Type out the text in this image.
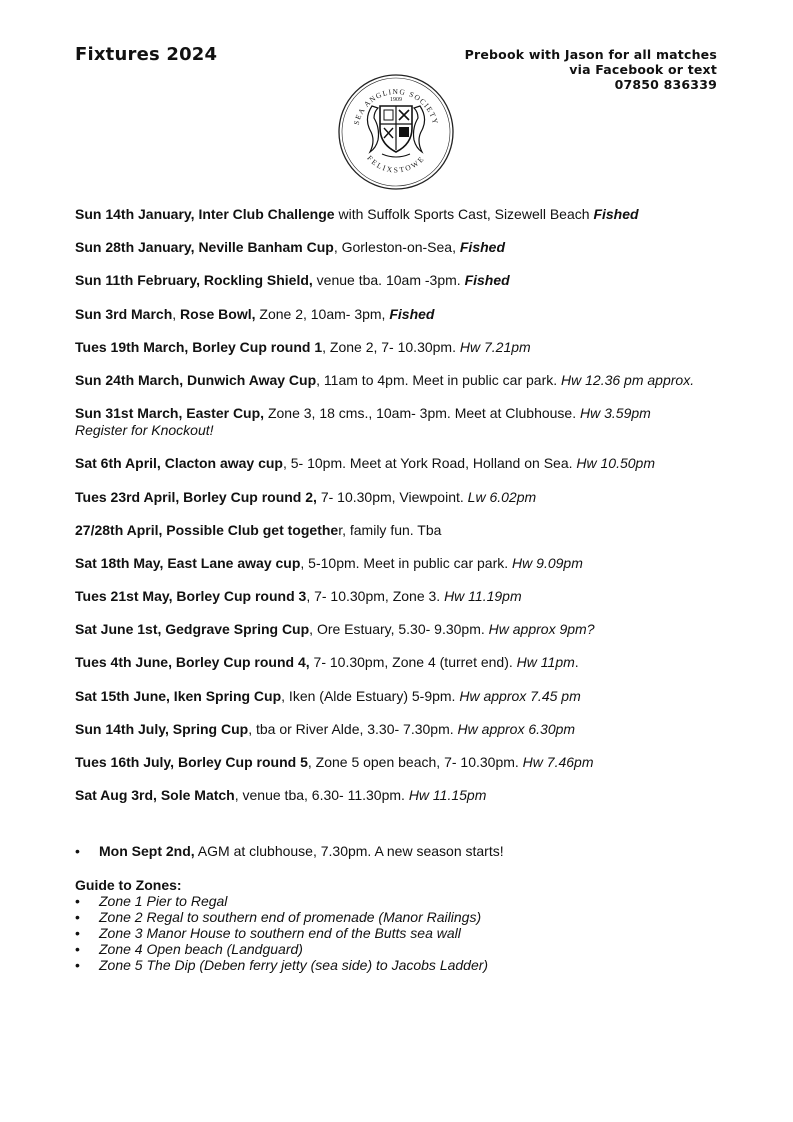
Fixtures 2024	Prebook with Jason for all matches
via Facebook or text
07850 836339
SEA ANGLING SOCIETY
FELIXSTOWE
1909
Sun 14th January, Inter Club Challenge with Suffolk Sports Cast, Sizewell Beach Fished
Sun 28th January, Neville Banham Cup, Gorleston-on-Sea, Fished
Sun 11th February, Rockling Shield, venue tba. 10am -3pm. Fished
Sun 3rd March, Rose Bowl, Zone 2, 10am- 3pm, Fished
Tues 19th March, Borley Cup round 1, Zone 2, 7- 10.30pm. Hw 7.21pm
Sun 24th March, Dunwich Away Cup, 11am to 4pm. Meet in public car park. Hw 12.36 pm approx.
Sun 31st March, Easter Cup, Zone 3, 18 cms., 10am- 3pm. Meet at Clubhouse. Hw 3.59pm
Register for Knockout!
Sat 6th April, Clacton away cup, 5- 10pm. Meet at York Road, Holland on Sea. Hw 10.50pm
Tues 23rd April, Borley Cup round 2, 7- 10.30pm, Viewpoint. Lw 6.02pm
27/28th April, Possible Club get together, family fun. Tba
Sat 18th May, East Lane away cup, 5-10pm. Meet in public car park. Hw 9.09pm
Tues 21st May, Borley Cup round 3, 7- 10.30pm, Zone 3. Hw 11.19pm
Sat June 1st, Gedgrave Spring Cup, Ore Estuary, 5.30- 9.30pm. Hw approx 9pm?
Tues 4th June, Borley Cup round 4, 7- 10.30pm, Zone 4 (turret end). Hw 11pm.
Sat 15th June, Iken Spring Cup, Iken (Alde Estuary) 5-9pm. Hw approx 7.45 pm
Sun 14th July, Spring Cup, tba or River Alde, 3.30- 7.30pm. Hw approx 6.30pm
Tues 16th July, Borley Cup round 5, Zone 5 open beach, 7- 10.30pm. Hw 7.46pm
Sat Aug 3rd, Sole Match, venue tba, 6.30- 11.30pm. Hw 11.15pm
•	Mon Sept 2nd, AGM at clubhouse, 7.30pm. A new season starts!
Guide to Zones:
• Zone 1 Pier to Regal
• Zone 2 Regal to southern end of promenade (Manor Railings)
• Zone 3 Manor House to southern end of the Butts sea wall
• Zone 4 Open beach (Landguard)
• Zone 5 The Dip (Deben ferry jetty (sea side) to Jacobs Ladder)
